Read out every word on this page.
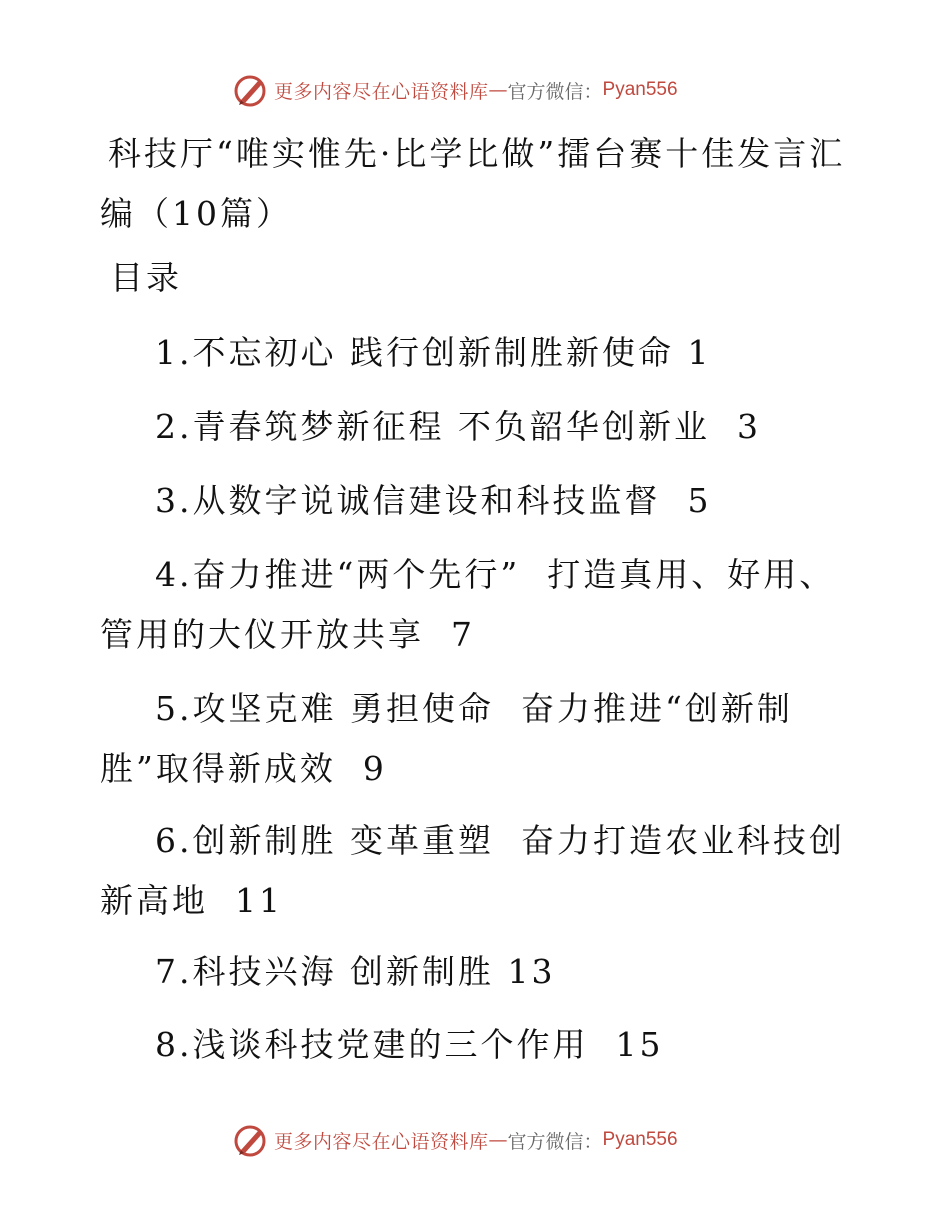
更多内容尽在心语资料库 — 官方微信： Pyan556
科技厅“唯实惟先·比学比做”擂台赛十佳发言汇编（10篇）
目录
1.不忘初心 践行创新制胜新使命 1
2.青春筑梦新征程 不负韶华创新业  3
3.从数字说诚信建设和科技监督  5
4.奋力推进“两个先行”  打造真用、好用、管用的大仪开放共享  7
5.攻坚克难 勇担使命  奋力推进“创新制胜”取得新成效  9
6.创新制胜 变革重塑  奋力打造农业科技创新高地  11
7.科技兴海 创新制胜 13
8.浅谈科技党建的三个作用  15
更多内容尽在心语资料库 — 官方微信： Pyan556
